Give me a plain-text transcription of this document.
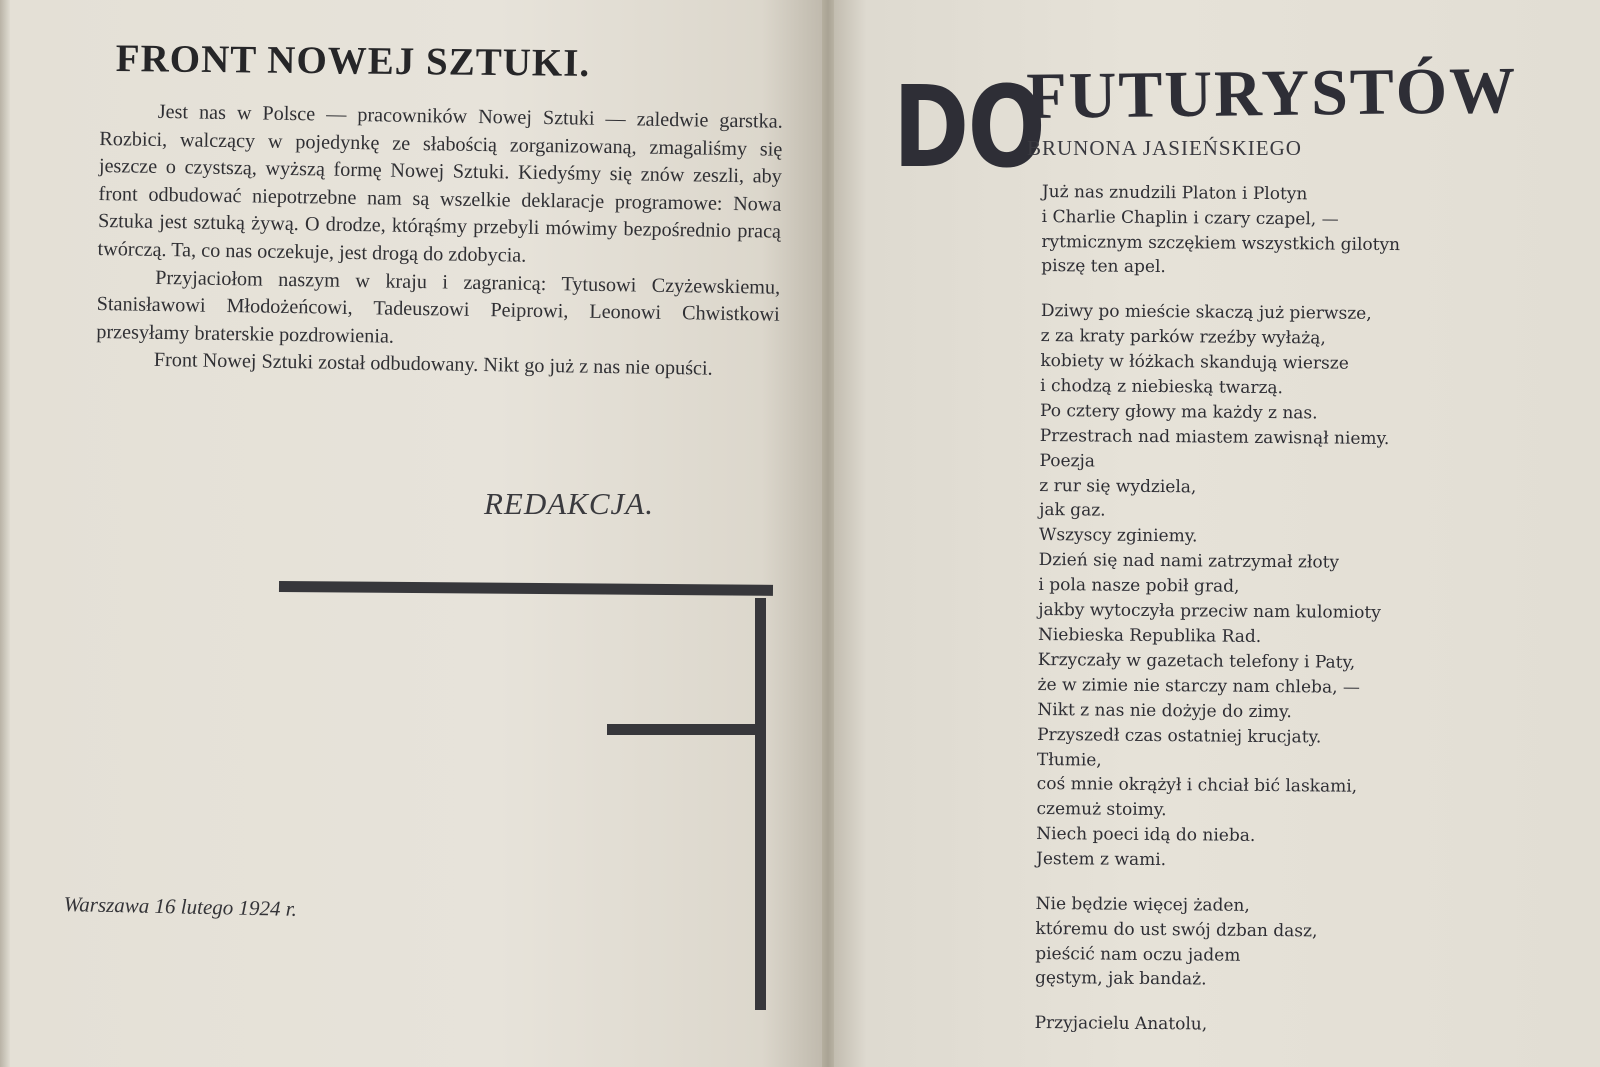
FRONT NOWEJ SZTUKI.

Jest nas w Polsce — pracowników Nowej Sztuki — zaledwie garstka. Rozbici, walczący w pojedynkę ze słabością zorganizowaną, zmagaliśmy się jeszcze o czystszą, wyższą formę Nowej Sztuki. Kiedyśmy się znów zeszli, aby front odbudować niepotrzebne nam są wszelkie deklaracje programowe: Nowa Sztuka jest sztuką żywą. O drodze, którąśmy przebyli mówimy bezpośrednio pracą twórczą. Ta, co nas oczekuje, jest drogą do zdobycia.

Przyjaciołom naszym w kraju i zagranicą: Tytusowi Czyżewskiemu, Stanisławowi Młodożeńcowi, Tadeuszowi Peiprowi, Leonowi Chwistkowi przesyłamy braterskie pozdrowienia.

Front Nowej Sztuki został odbudowany. Nikt go już z nas nie opuści.

REDAKCJA.
Warszawa 16 lutego 1924 r.
DO
FUTURYSTÓW
BRUNONA JASIEŃSKIEGO
Już nas znudzili Platon i Plotyn
i Charlie Chaplin i czary czapel, —
rytmicznym szczękiem wszystkich gilotyn
piszę ten apel.
Dziwy po mieście skaczą już pierwsze,
z za kraty parków rzeźby wyłażą,
kobiety w łóżkach skandują wiersze
i chodzą z niebieską twarzą.
Po cztery głowy ma każdy z nas.
Przestrach nad miastem zawisnął niemy.
Poezja
z rur się wydziela,
jak gaz.
Wszyscy zginiemy.
Dzień się nad nami zatrzymał złoty
i pola nasze pobił grad,
jakby wytoczyła przeciw nam kulomioty
Niebieska Republika Rad.
Krzyczały w gazetach telefony i Paty,
że w zimie nie starczy nam chleba, —
Nikt z nas nie dożyje do zimy.
Przyszedł czas ostatniej krucjaty.
Tłumie,
coś mnie okrążył i chciał bić laskami,
czemuż stoimy.
Niech poeci idą do nieba.
Jestem z wami.
Nie będzie więcej żaden,
któremu do ust swój dzban dasz,
pieścić nam oczu jadem
gęstym, jak bandaż.
Przyjacielu Anatolu,
